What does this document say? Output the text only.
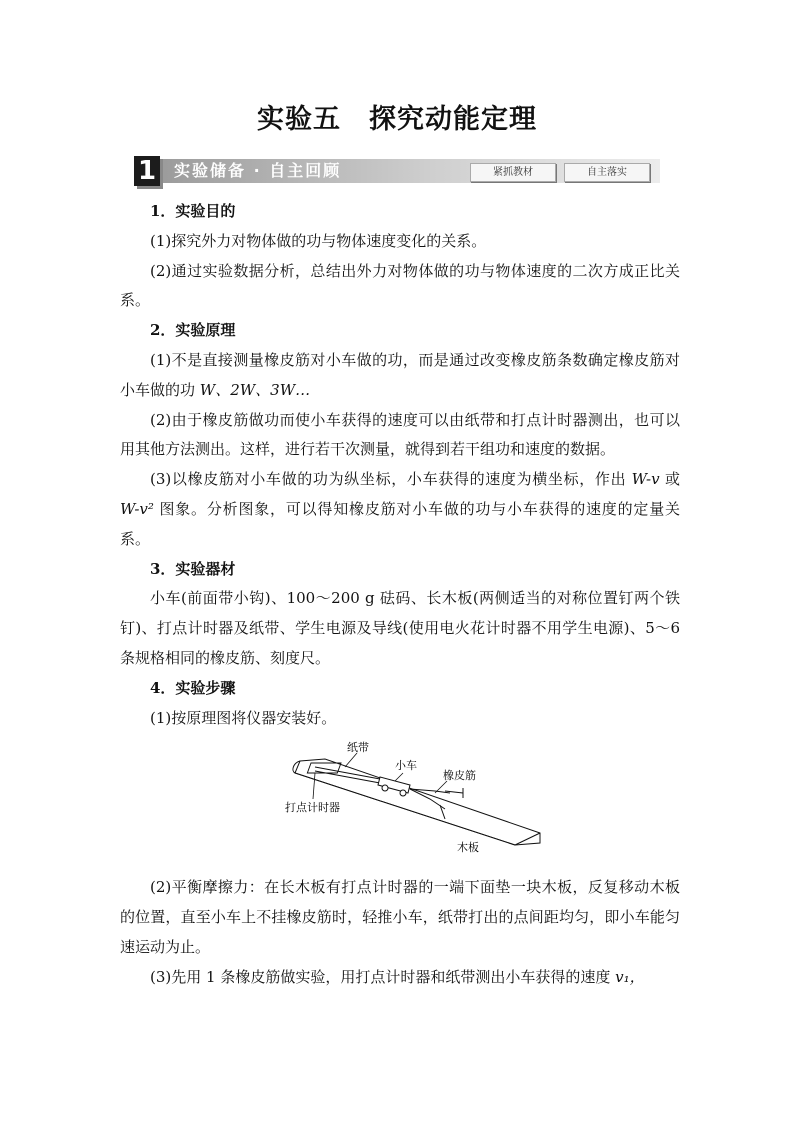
实验五 探究动能定理
1 实验储备 · 自主回顾	紧抓教材	自主落实

1．实验目的

(1)探究外力对物体做的功与物体速度变化的关系。

(2)通过实验数据分析，总结出外力对物体做的功与物体速度的二次方成正比关系。

2．实验原理

(1)不是直接测量橡皮筋对小车做的功，而是通过改变橡皮筋条数确定橡皮筋对小车做的功 W、2W、3W…

(2)由于橡皮筋做功而使小车获得的速度可以由纸带和打点计时器测出，也可以用其他方法测出。这样，进行若干次测量，就得到若干组功和速度的数据。

(3)以橡皮筋对小车做的功为纵坐标，小车获得的速度为横坐标，作出 W-v 或 W-v² 图象。分析图象，可以得知橡皮筋对小车做的功与小车获得的速度的定量关系。

3．实验器材

小车(前面带小钩)、100～200 g 砝码、长木板(两侧适当的对称位置钉两个铁钉)、打点计时器及纸带、学生电源及导线(使用电火花计时器不用学生电源)、5～6 条规格相同的橡皮筋、刻度尺。

4．实验步骤

(1)按原理图将仪器安装好。

纸带
小车
橡皮筋
打点计时器
木板

(2)平衡摩擦力：在长木板有打点计时器的一端下面垫一块木板，反复移动木板的位置，直至小车上不挂橡皮筋时，轻推小车，纸带打出的点间距均匀，即小车能匀速运动为止。

(3)先用 1 条橡皮筋做实验，用打点计时器和纸带测出小车获得的速度 v₁，
